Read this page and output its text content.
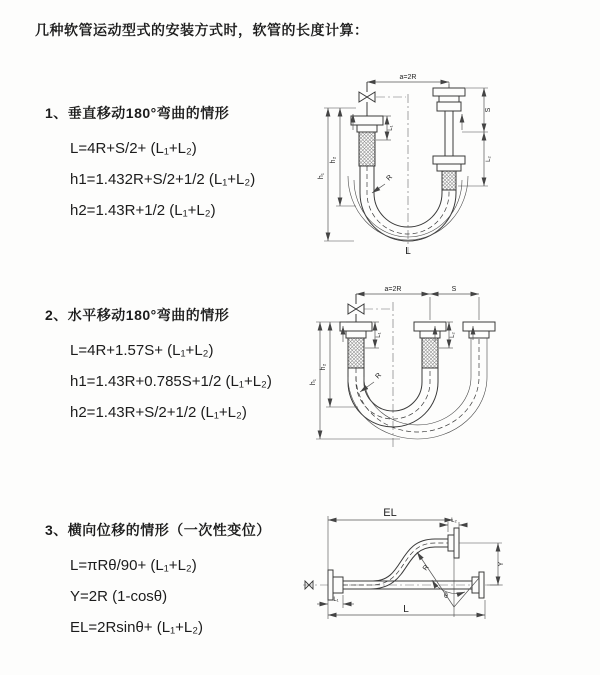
几种软管运动型式的安装方式时，软管的长度计算：
1、垂直移动180°弯曲的情形
L=4R+S/2+ (L₁+L₂)
h1=1.432R+S/2+1/2 (L₁+L₂)
h2=1.43R+1/2 (L₁+L₂)
2、水平移动180°弯曲的情形
L=4R+1.57S+ (L₁+L₂)
h1=1.43R+0.785S+1/2 (L₁+L₂)
h2=1.43R+S/2+1/2 (L₁+L₂)
3、横向位移的情形（一次性变位）
L=πRθ/90+ (L₁+L₂)
Y=2R (1-cosθ)
EL=2Rsinθ+ (L₁+L₂)
a=2R
R
h₁
h₂
L₁
S
L₂
L
a=2R	S
R
h₁
h₂
L₁	L₂
EL
L₂
R
θ
Y
L₁
L
